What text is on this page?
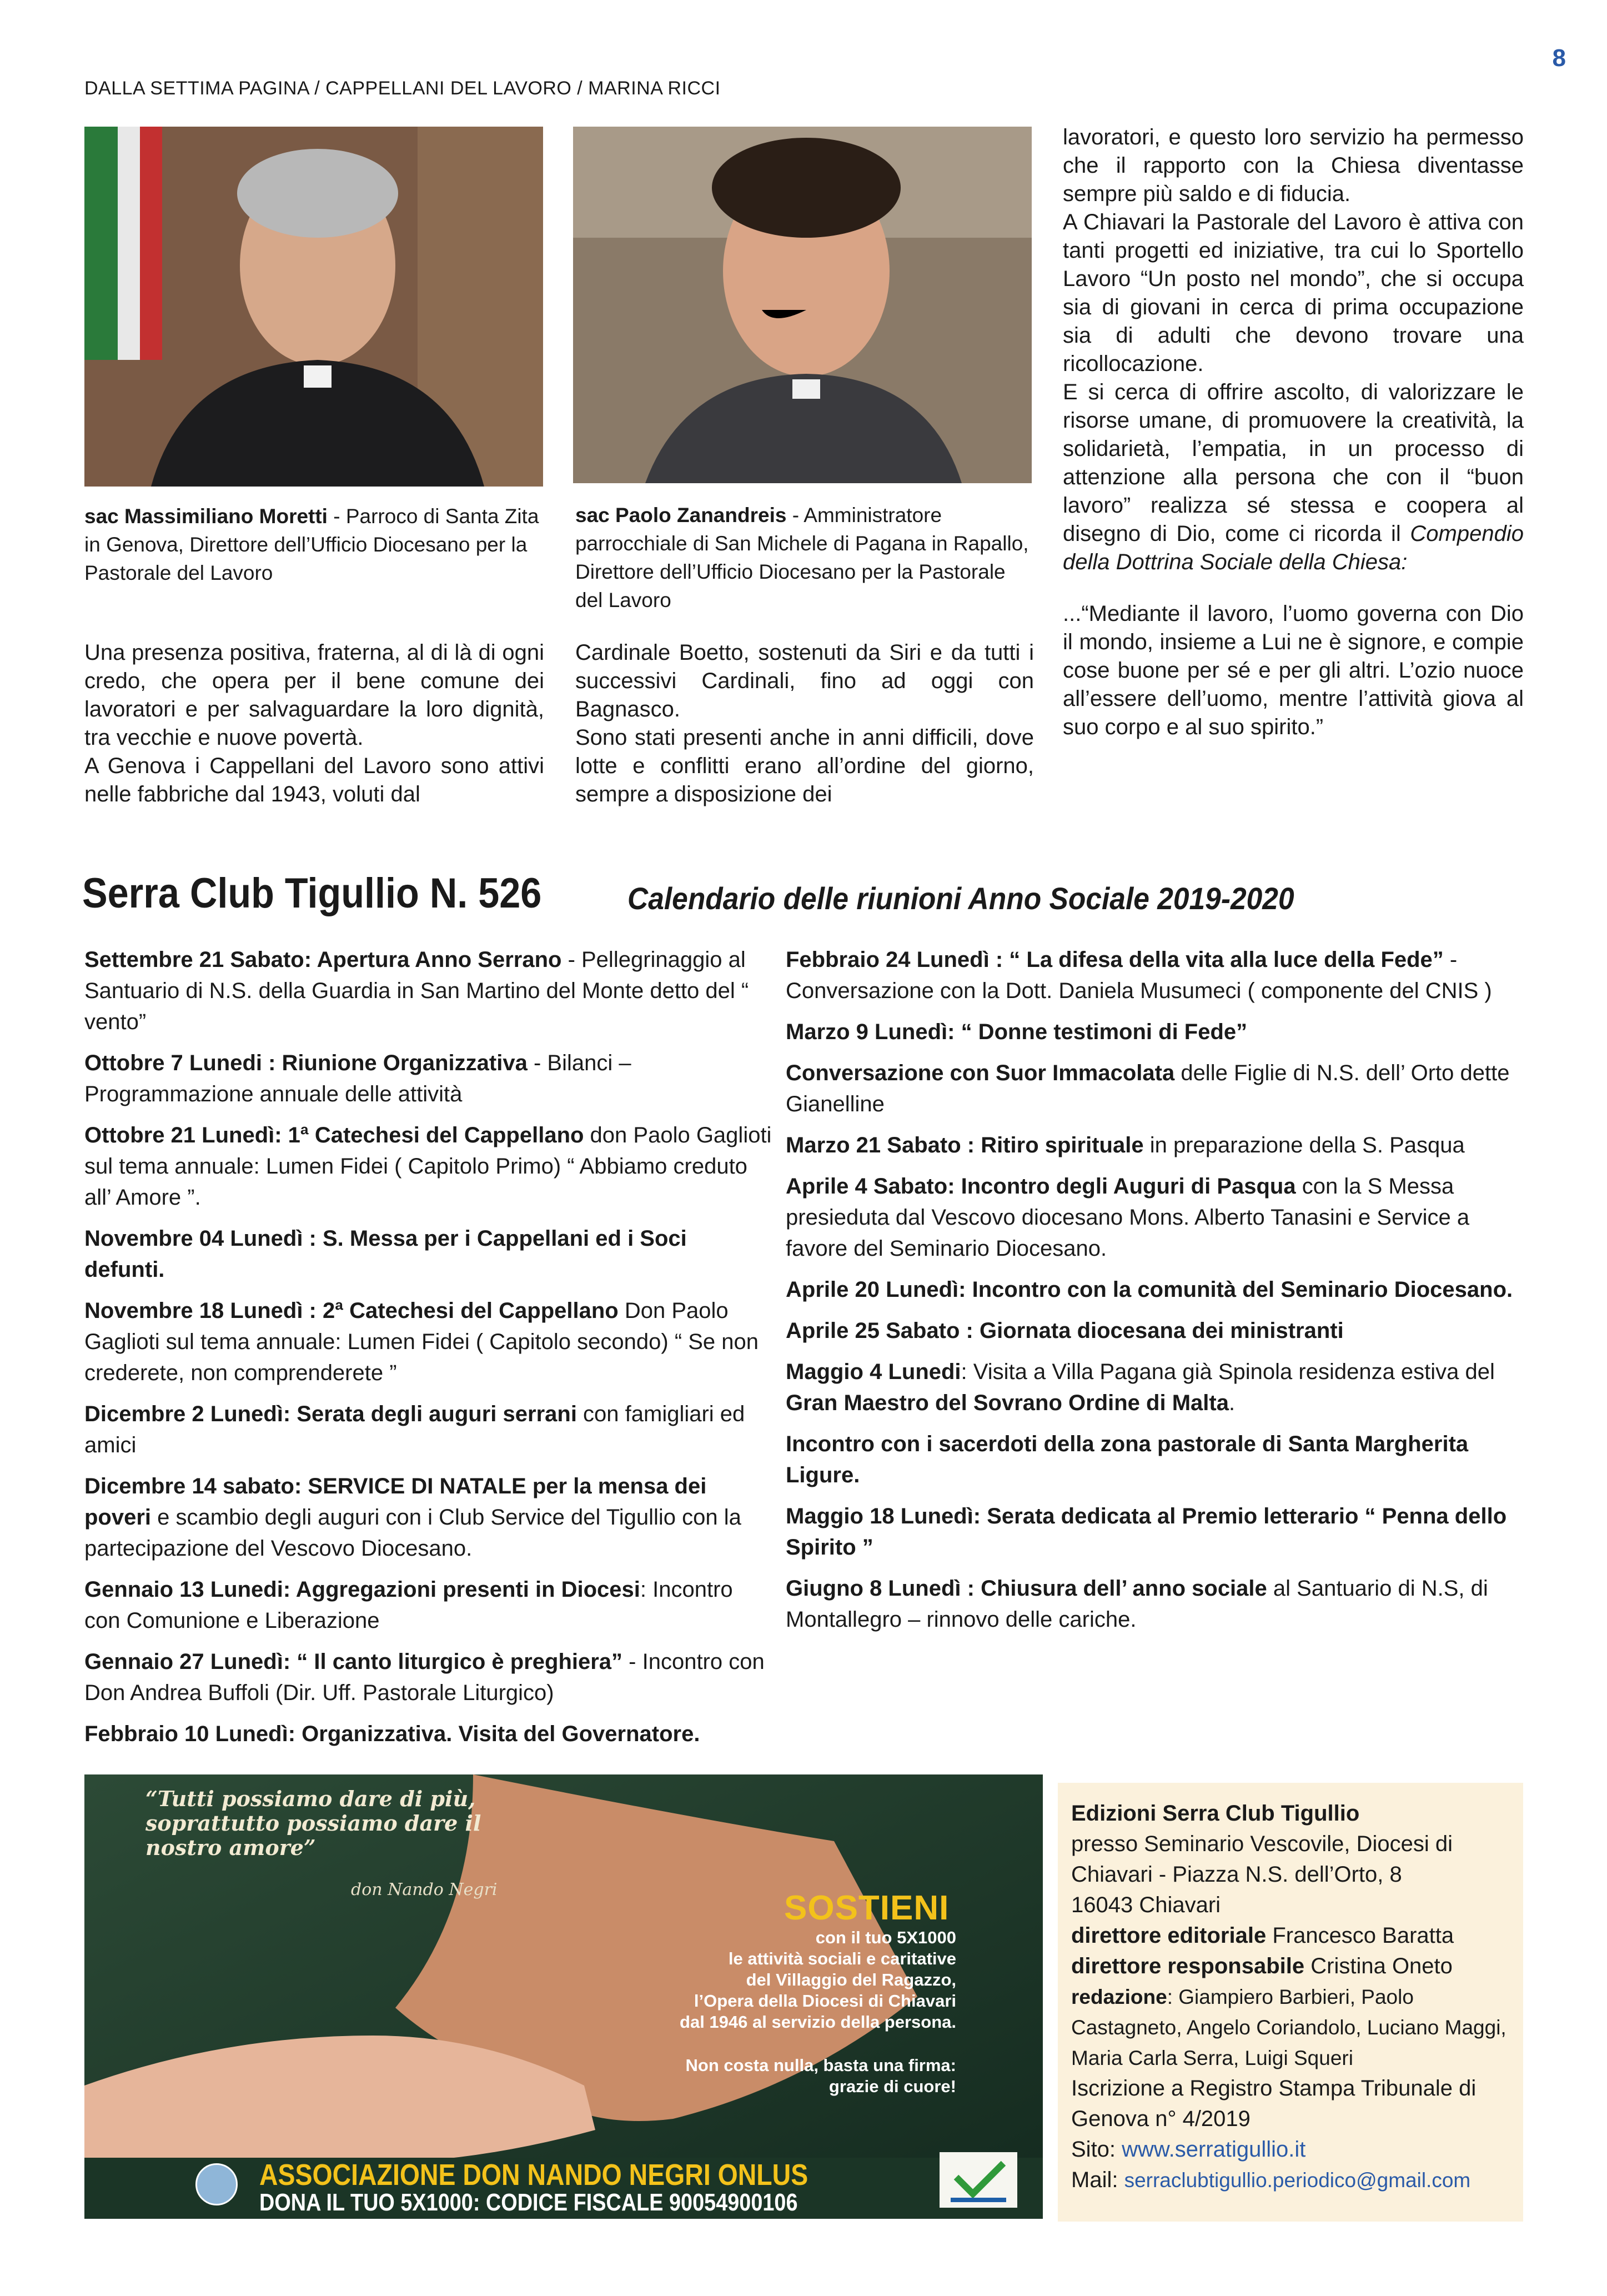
8
DALLA SETTIMA PAGINA / CAPPELLANI DEL LAVORO / MARINA RICCI
sac Massimiliano Moretti - Parroco di Santa Zita in Genova, Direttore dell’Ufficio Diocesano per la Pastorale del Lavoro
sac Paolo Zanandreis - Amministratore parrocchiale di San Michele di Pagana in Rapallo, Direttore dell’Ufficio Diocesano per la Pastorale del Lavoro

Una presenza positiva, fraterna, al di là di ogni credo, che opera per il bene comune dei lavoratori e per salvaguardare la loro dignità, tra vecchie e nuove povertà.

A Genova i Cappellani del Lavoro sono attivi nelle fabbriche dal 1943, voluti dal

Cardinale Boetto, sostenuti da Siri e da tutti i successivi Cardinali, fino ad oggi con Bagnasco.

Sono stati presenti anche in anni difficili, dove lotte e conflitti erano all’ordine del giorno, sempre a disposizione dei

lavoratori, e questo loro servizio ha permesso che il rapporto con la Chiesa diventasse sempre più saldo e di fiducia.

A Chiavari la Pastorale del Lavoro è attiva con tanti progetti ed iniziative, tra cui lo Sportello Lavoro “Un posto nel mondo”, che si occupa sia di giovani in cerca di prima occupazione sia di adulti che devono trovare una ricollocazione.

E si cerca di offrire ascolto, di valorizzare le risorse umane, di promuovere la creatività, la solidarietà, l’empatia, in un processo di attenzione alla persona che con il “buon lavoro” realizza sé stessa e coopera al disegno di Dio, come ci ricorda il Compendio della Dottrina Sociale della Chiesa:

...“Mediante il lavoro, l’uomo governa con Dio il mondo, insieme a Lui ne è signore, e compie cose buone per sé e per gli altri. L’ozio nuoce all’essere dell’uomo, mentre l’attività giova al suo corpo e al suo spirito.”

Serra Club Tigullio N. 526	Calendario delle riunioni Anno Sociale 2019-2020

Settembre 21 Sabato: Apertura Anno Serrano - Pellegrinaggio al Santuario di N.S. della Guardia in San Martino del Monte detto del “ vento”

Ottobre 7 Lunedi : Riunione Organizzativa - Bilanci – Programmazione annuale delle attività

Ottobre 21 Lunedì: 1ª Catechesi del Cappellano don Paolo Gaglioti sul tema annuale: Lumen Fidei ( Capitolo Primo) “ Abbiamo creduto all’ Amore ”.

Novembre 04 Lunedì : S. Messa per i Cappellani ed i Soci defunti.

Novembre 18 Lunedì : 2ª Catechesi del Cappellano Don Paolo Gaglioti sul tema annuale: Lumen Fidei ( Capitolo secondo) “ Se non crederete, non comprenderete ”

Dicembre 2 Lunedì: Serata degli auguri serrani con famigliari ed amici

Dicembre 14 sabato: SERVICE DI NATALE per la mensa dei poveri e scambio degli auguri con i Club Service del Tigullio con la partecipazione del Vescovo Diocesano.

Gennaio 13 Lunedi: Aggregazioni presenti in Diocesi: Incontro con Comunione e Liberazione

Gennaio 27 Lunedì: “ Il canto liturgico è preghiera” - Incontro con Don Andrea Buffoli (Dir. Uff. Pastorale Liturgico)

Febbraio 10 Lunedì: Organizzativa. Visita del Governatore.

Febbraio 24 Lunedì : “ La difesa della vita alla luce della Fede” - Conversazione con la Dott. Daniela Musumeci ( componente del CNIS )

Marzo 9 Lunedì: “ Donne testimoni di Fede”

Conversazione con Suor Immacolata delle Figlie di N.S. dell’ Orto dette Gianelline

Marzo 21 Sabato : Ritiro spirituale in preparazione della S. Pasqua

Aprile 4 Sabato: Incontro degli Auguri di Pasqua con la S Messa presieduta dal Vescovo diocesano Mons. Alberto Tanasini e Service a favore del Seminario Diocesano.

Aprile 20 Lunedì: Incontro con la comunità del Seminario Diocesano.

Aprile 25 Sabato : Giornata diocesana dei ministranti

Maggio 4 Lunedi: Visita a Villa Pagana già Spinola residenza estiva del Gran Maestro del Sovrano Ordine di Malta.

Incontro con i sacerdoti della zona pastorale di Santa Margherita Ligure.

Maggio 18 Lunedì: Serata dedicata al Premio letterario “ Penna dello Spirito ”

Giugno 8 Lunedì : Chiusura dell’ anno sociale al Santuario di N.S, di Montallegro – rinnovo delle cariche.

“Tutti possiamo dare di più, soprattutto possiamo dare il nostro amore”
don Nando Negri	SOSTIENI
con il tuo 5X1000
le attività sociali e caritative
del Villaggio del Ragazzo,
l’Opera della Diocesi di Chiavari
dal 1946 al servizio della persona.
Non costa nulla, basta una firma:
grazie di cuore!
ASSOCIAZIONE DON NANDO NEGRI ONLUS
DONA IL TUO 5X1000: CODICE FISCALE 90054900106

Edizioni Serra Club Tigullio

presso Seminario Vescovile, Diocesi di

Chiavari - Piazza N.S. dell’Orto, 8

16043 Chiavari

direttore editoriale Francesco Baratta

direttore responsabile Cristina Oneto

redazione: Giampiero Barbieri, Paolo Castagneto, Angelo Coriandolo, Luciano Maggi, Maria Carla Serra, Luigi Squeri

Iscrizione a Registro Stampa Tribunale di Genova n° 4/2019

Sito: www.serratigullio.it

Mail: serraclubtigullio.periodico@gmail.com
